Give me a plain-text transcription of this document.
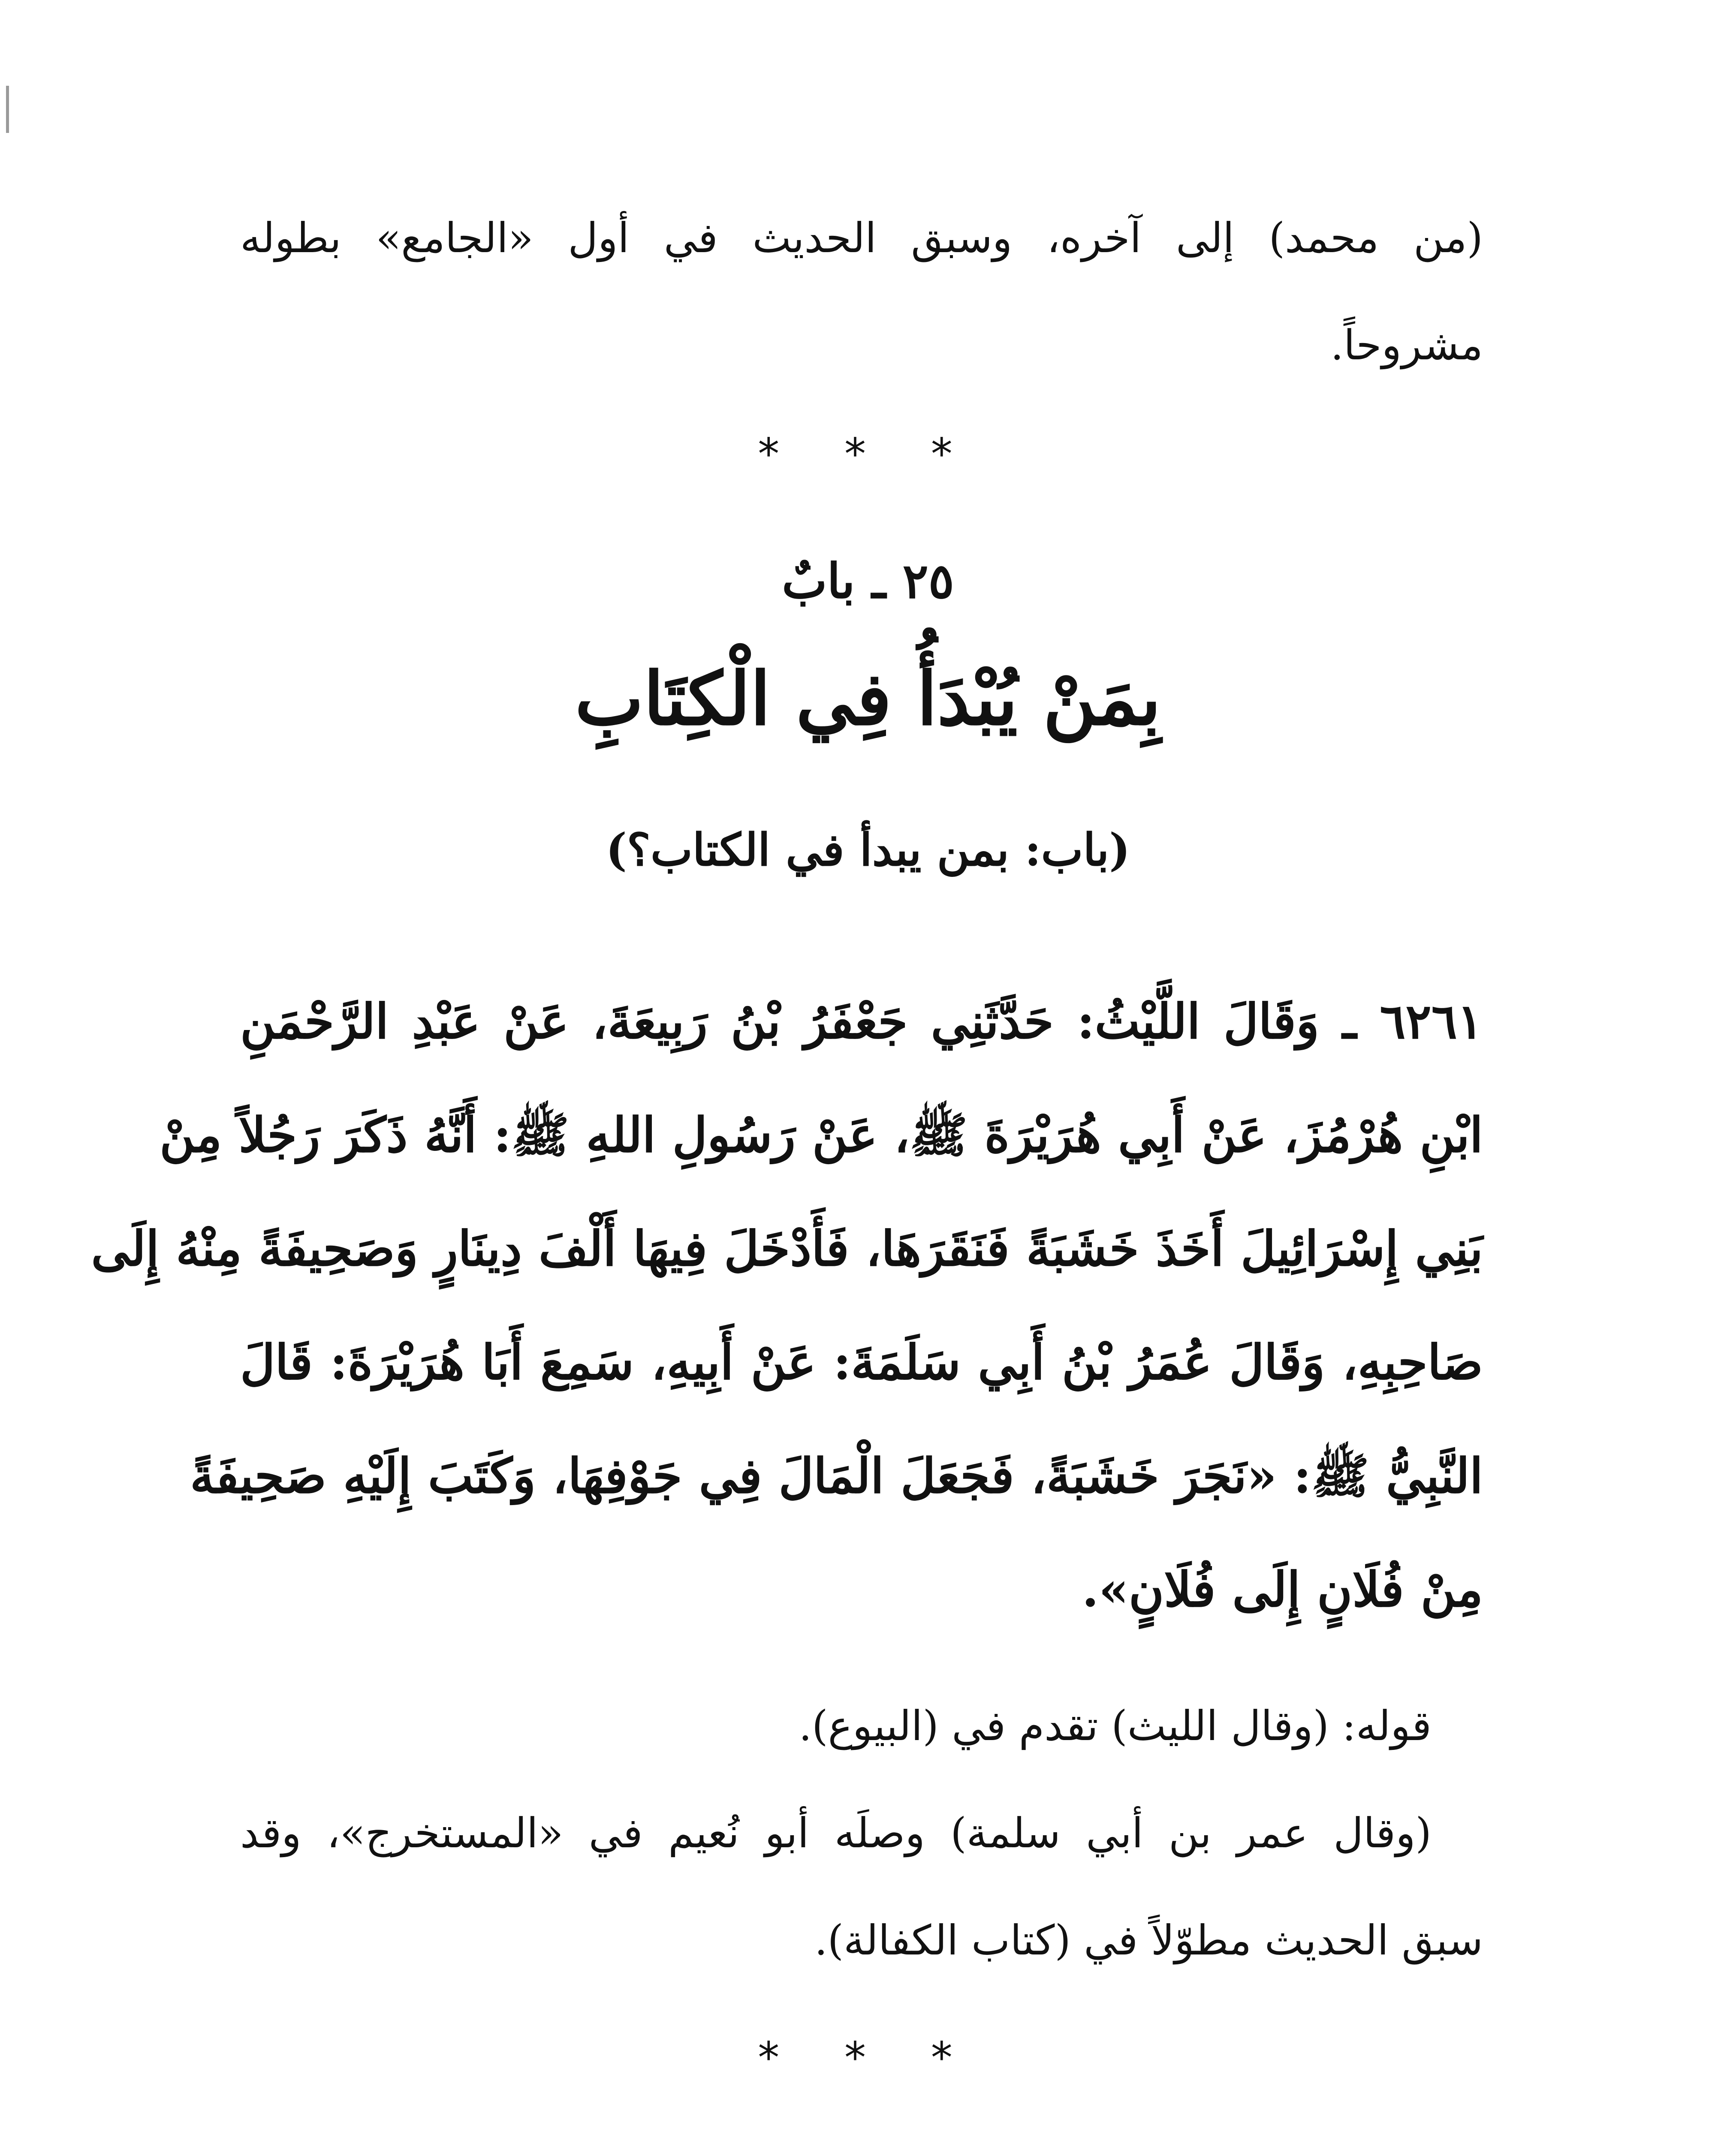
(من محمد) إلى آخره، وسبق الحديث في أول «الجامع» بطوله
مشروحاً.
* * *
٢٥ ـ بابٌ
بِمَنْ يُبْدَأُ فِي الْكِتَابِ
(باب: بمن يبدأ في الكتاب؟)
٦٢٦١ ـ وَقَالَ اللَّيْثُ: حَدَّثَنِي جَعْفَرُ بْنُ رَبِيعَةَ، عَنْ عَبْدِ الرَّحْمَنِ
ابْنِ هُرْمُزَ، عَنْ أَبِي هُرَيْرَةَ ﷺ، عَنْ رَسُولِ اللهِ ﷺ: أَنَّهُ ذَكَرَ رَجُلاً مِنْ
بَنِي إِسْرَائِيلَ أَخَذَ خَشَبَةً فَنَقَرَهَا، فَأَدْخَلَ فِيهَا أَلْفَ دِينَارٍ وَصَحِيفَةً مِنْهُ إِلَى
صَاحِبِهِ، وَقَالَ عُمَرُ بْنُ أَبِي سَلَمَةَ: عَنْ أَبِيهِ، سَمِعَ أَبَا هُرَيْرَةَ: قَالَ
النَّبِيُّ ﷺ: «نَجَرَ خَشَبَةً، فَجَعَلَ الْمَالَ فِي جَوْفِهَا، وَكَتَبَ إِلَيْهِ صَحِيفَةً
مِنْ فُلَانٍ إِلَى فُلَانٍ».
قوله: (وقال الليث) تقدم في (البيوع).
(وقال عمر بن أبي سلمة) وصلَه أبو نُعيم في «المستخرج»، وقد
سبق الحديث مطوّلاً في (كتاب الكفالة).
* * *
